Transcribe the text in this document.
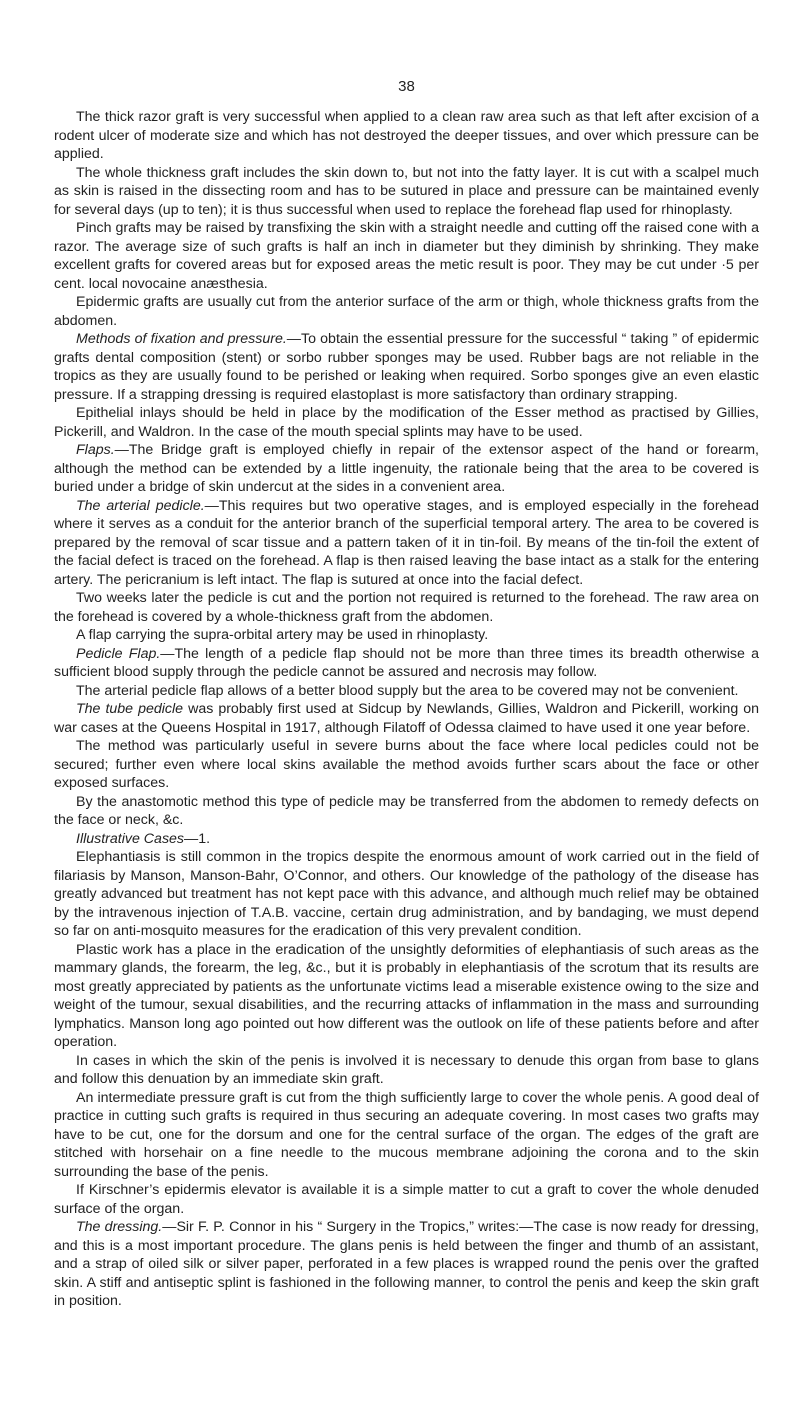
38

The thick razor graft is very successful when applied to a clean raw area such as that left after excision of a rodent ulcer of moderate size and which has not destroyed the deeper tissues, and over which pressure can be applied.

The whole thickness graft includes the skin down to, but not into the fatty layer. It is cut with a scalpel much as skin is raised in the dissecting room and has to be sutured in place and pressure can be maintained evenly for several days (up to ten); it is thus successful when used to replace the forehead flap used for rhinoplasty.

Pinch grafts may be raised by transfixing the skin with a straight needle and cutting off the raised cone with a razor. The average size of such grafts is half an inch in diameter but they diminish by shrinking. They make excellent grafts for covered areas but for exposed areas the metic result is poor. They may be cut under ·5 per cent. local novocaine anæsthesia.

Epidermic grafts are usually cut from the anterior surface of the arm or thigh, whole thickness grafts from the abdomen.

Methods of fixation and pressure.—To obtain the essential pressure for the successful “ taking ” of epidermic grafts dental composition (stent) or sorbo rubber sponges may be used. Rubber bags are not reliable in the tropics as they are usually found to be perished or leaking when required. Sorbo sponges give an even elastic pressure. If a strapping dressing is required elastoplast is more satisfactory than ordinary strapping.

Epithelial inlays should be held in place by the modification of the Esser method as practised by Gillies, Pickerill, and Waldron. In the case of the mouth special splints may have to be used.

Flaps.—The Bridge graft is employed chiefly in repair of the extensor aspect of the hand or forearm, although the method can be extended by a little ingenuity, the rationale being that the area to be covered is buried under a bridge of skin undercut at the sides in a convenient area.

The arterial pedicle.—This requires but two operative stages, and is employed especially in the forehead where it serves as a conduit for the anterior branch of the superficial temporal artery. The area to be covered is prepared by the removal of scar tissue and a pattern taken of it in tin-foil. By means of the tin-foil the extent of the facial defect is traced on the forehead. A flap is then raised leaving the base intact as a stalk for the entering artery. The pericranium is left intact. The flap is sutured at once into the facial defect.

Two weeks later the pedicle is cut and the portion not required is returned to the forehead. The raw area on the forehead is covered by a whole-thickness graft from the abdomen.

A flap carrying the supra-orbital artery may be used in rhinoplasty.

Pedicle Flap.—The length of a pedicle flap should not be more than three times its breadth otherwise a sufficient blood supply through the pedicle cannot be assured and necrosis may follow.

The arterial pedicle flap allows of a better blood supply but the area to be covered may not be convenient.

The tube pedicle was probably first used at Sidcup by Newlands, Gillies, Waldron and Pickerill, working on war cases at the Queens Hospital in 1917, although Filatoff of Odessa claimed to have used it one year before.

The method was particularly useful in severe burns about the face where local pedicles could not be secured; further even where local skins available the method avoids further scars about the face or other exposed surfaces.

By the anastomotic method this type of pedicle may be transferred from the abdomen to remedy defects on the face or neck, &c.

Illustrative Cases—1.

Elephantiasis is still common in the tropics despite the enormous amount of work carried out in the field of filariasis by Manson, Manson-Bahr, O’Connor, and others. Our knowledge of the pathology of the disease has greatly advanced but treatment has not kept pace with this advance, and although much relief may be obtained by the intravenous injection of T.A.B. vaccine, certain drug administration, and by bandaging, we must depend so far on anti-mosquito measures for the eradication of this very prevalent condition.

Plastic work has a place in the eradication of the unsightly deformities of elephantiasis of such areas as the mammary glands, the forearm, the leg, &c., but it is probably in elephantiasis of the scrotum that its results are most greatly appreciated by patients as the unfortunate victims lead a miserable existence owing to the size and weight of the tumour, sexual disabilities, and the recurring attacks of inflammation in the mass and surrounding lymphatics. Manson long ago pointed out how different was the outlook on life of these patients before and after operation.

In cases in which the skin of the penis is involved it is necessary to denude this organ from base to glans and follow this denuation by an immediate skin graft.

An intermediate pressure graft is cut from the thigh sufficiently large to cover the whole penis. A good deal of practice in cutting such grafts is required in thus securing an adequate covering. In most cases two grafts may have to be cut, one for the dorsum and one for the central surface of the organ. The edges of the graft are stitched with horsehair on a fine needle to the mucous membrane adjoining the corona and to the skin surrounding the base of the penis.

If Kirschner’s epidermis elevator is available it is a simple matter to cut a graft to cover the whole denuded surface of the organ.

The dressing.—Sir F. P. Connor in his “ Surgery in the Tropics,” writes:—The case is now ready for dressing, and this is a most important procedure. The glans penis is held between the finger and thumb of an assistant, and a strap of oiled silk or silver paper, perforated in a few places is wrapped round the penis over the grafted skin. A stiff and antiseptic splint is fashioned in the following manner, to control the penis and keep the skin graft in position.
